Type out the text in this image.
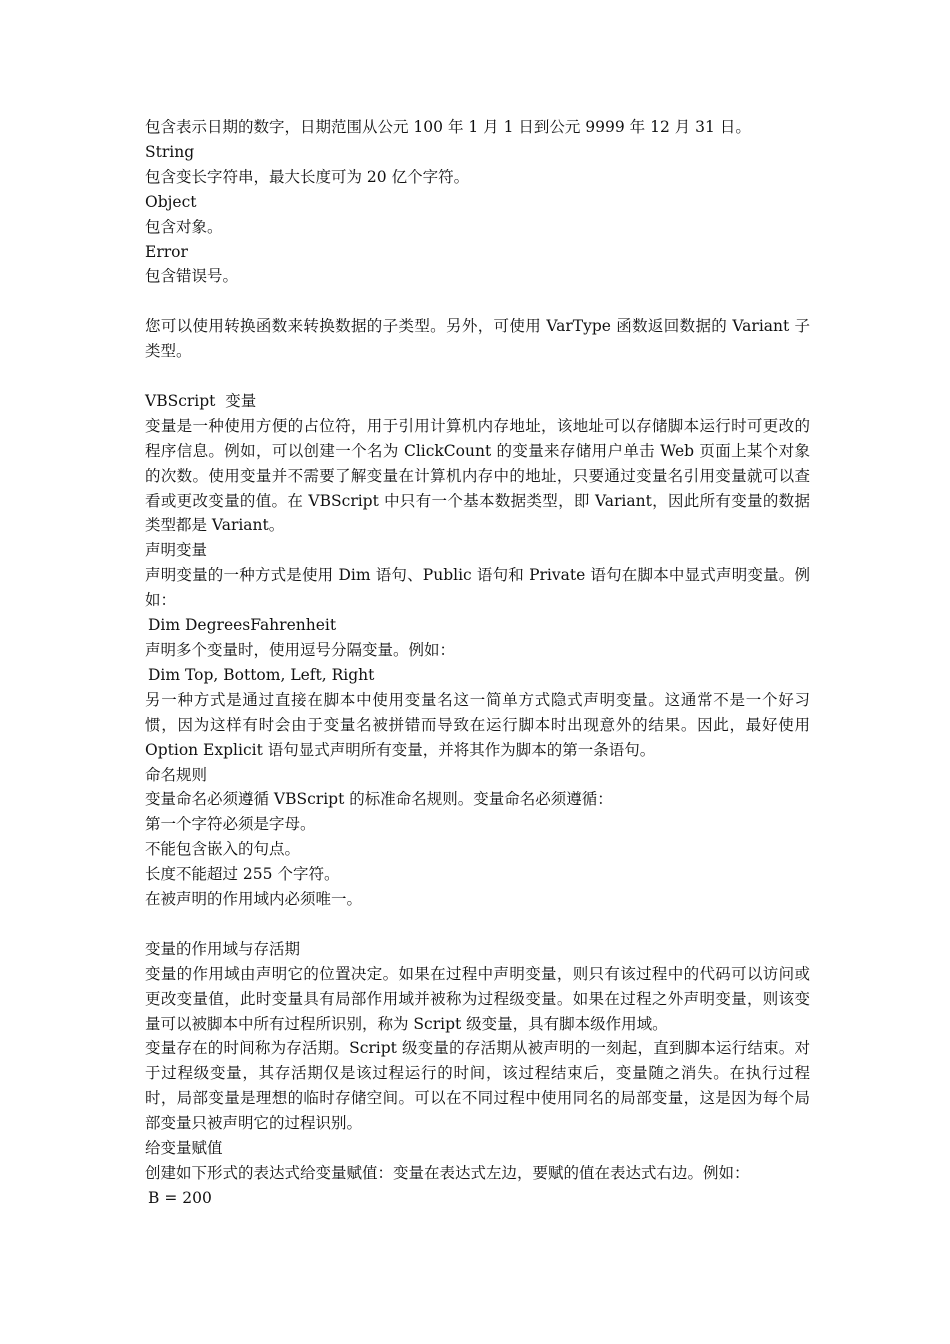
包含表示日期的数字，日期范围从公元 100 年 1 月 1 日到公元 9999 年 12 月 31 日。
String
包含变长字符串，最大长度可为 20 亿个字符。
Object
包含对象。
Error
包含错误号。
您可以使用转换函数来转换数据的子类型。另外，可使用 VarType 函数返回数据的 Variant 子类型。
VBScript  变量
变量是一种使用方便的占位符，用于引用计算机内存地址，该地址可以存储脚本运行时可更改的程序信息。例如，可以创建一个名为 ClickCount 的变量来存储用户单击 Web 页面上某个对象的次数。使用变量并不需要了解变量在计算机内存中的地址，只要通过变量名引用变量就可以查看或更改变量的值。在 VBScript 中只有一个基本数据类型，即 Variant，因此所有变量的数据类型都是 Variant。
声明变量
声明变量的一种方式是使用 Dim 语句、Public 语句和 Private 语句在脚本中显式声明变量。例如：
Dim DegreesFahrenheit
声明多个变量时，使用逗号分隔变量。例如：
Dim Top, Bottom, Left, Right
另一种方式是通过直接在脚本中使用变量名这一简单方式隐式声明变量。这通常不是一个好习惯，因为这样有时会由于变量名被拼错而导致在运行脚本时出现意外的结果。因此，最好使用 Option Explicit 语句显式声明所有变量，并将其作为脚本的第一条语句。
命名规则
变量命名必须遵循 VBScript 的标准命名规则。变量命名必须遵循：
第一个字符必须是字母。
不能包含嵌入的句点。
长度不能超过 255 个字符。
在被声明的作用域内必须唯一。
变量的作用域与存活期
变量的作用域由声明它的位置决定。如果在过程中声明变量，则只有该过程中的代码可以访问或更改变量值，此时变量具有局部作用域并被称为过程级变量。如果在过程之外声明变量，则该变量可以被脚本中所有过程所识别，称为 Script 级变量，具有脚本级作用域。
变量存在的时间称为存活期。Script 级变量的存活期从被声明的一刻起，直到脚本运行结束。对于过程级变量，其存活期仅是该过程运行的时间，该过程结束后，变量随之消失。在执行过程时，局部变量是理想的临时存储空间。可以在不同过程中使用同名的局部变量，这是因为每个局部变量只被声明它的过程识别。
给变量赋值
创建如下形式的表达式给变量赋值：变量在表达式左边，要赋的值在表达式右边。例如：
B = 200
